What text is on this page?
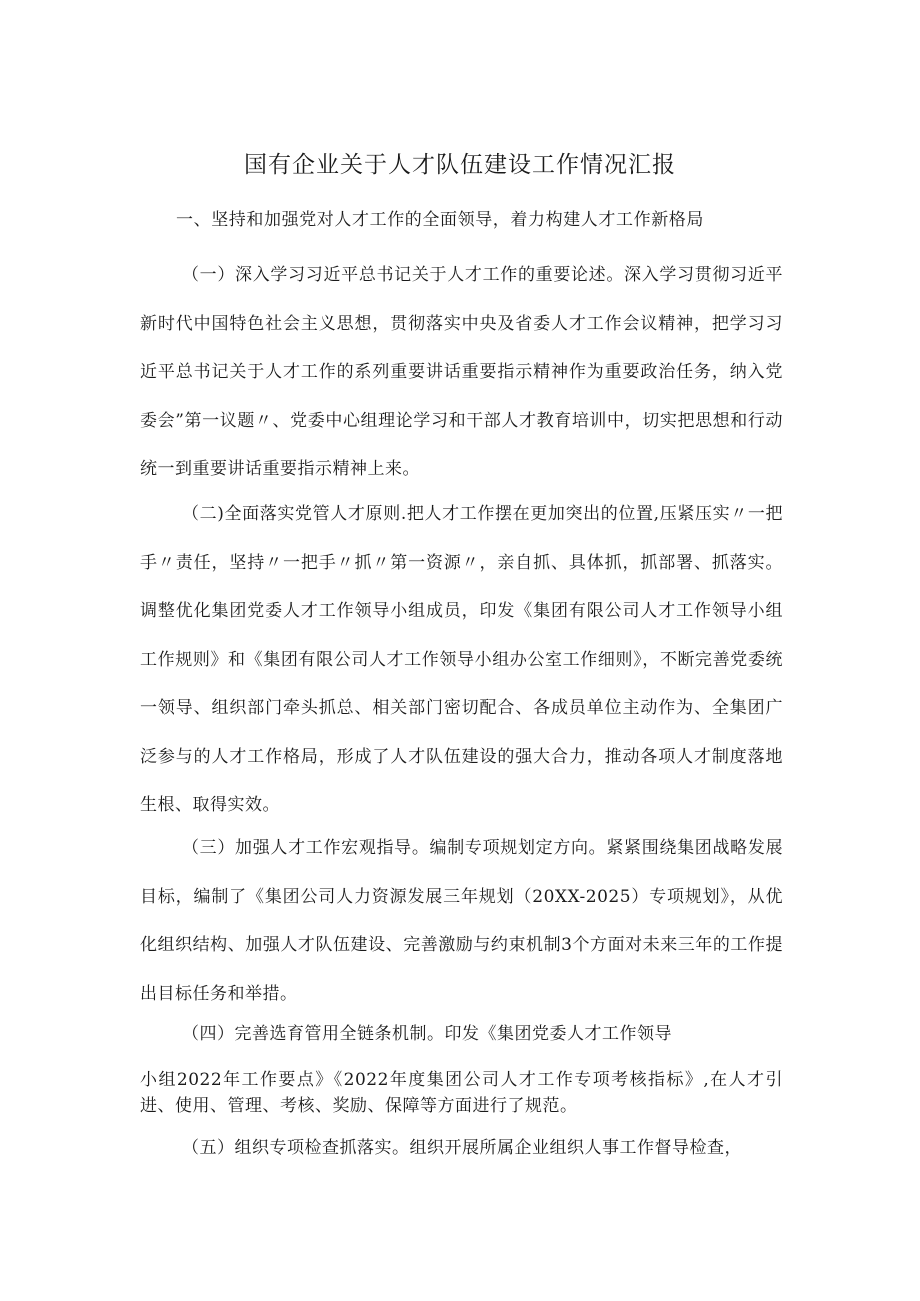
国有企业关于人才队伍建设工作情况汇报

一、坚持和加强党对人才工作的全面领导，着力构建人才工作新格局

（一）深入学习习近平总书记关于人才工作的重要论述。深入学习贯彻习近平新时代中国特色社会主义思想，贯彻落实中央及省委人才工作会议精神，把学习习近平总书记关于人才工作的系列重要讲话重要指示精神作为重要政治任务，纳入党委会”第一议题〃、党委中心组理论学习和干部人才教育培训中，切实把思想和行动统一到重要讲话重要指示精神上来。

（二)全面落实党管人才原则.把人才工作摆在更加突出的位置,压紧压实〃一把手〃责任，坚持〃一把手〃抓〃第一资源〃，亲自抓、具体抓，抓部署、抓落实。调整优化集团党委人才工作领导小组成员，印发《集团有限公司人才工作领导小组工作规则》和《集团有限公司人才工作领导小组办公室工作细则》，不断完善党委统一领导、组织部门牵头抓总、相关部门密切配合、各成员单位主动作为、全集团广泛参与的人才工作格局，形成了人才队伍建设的强大合力，推动各项人才制度落地生根、取得实效。

（三）加强人才工作宏观指导。编制专项规划定方向。紧紧围绕集团战略发展目标，编制了《集团公司人力资源发展三年规划（20XX-2025）专项规划》，从优化组织结构、加强人才队伍建设、完善激励与约束机制3个方面对未来三年的工作提出目标任务和举措。

（四）完善选育管用全链条机制。印发《集团党委人才工作领导

小组2022年工作要点》《2022年度集团公司人才工作专项考核指标》,在人才引进、使用、管理、考核、奖励、保障等方面进行了规范。

（五）组织专项检查抓落实。组织开展所属企业组织人事工作督导检查，
